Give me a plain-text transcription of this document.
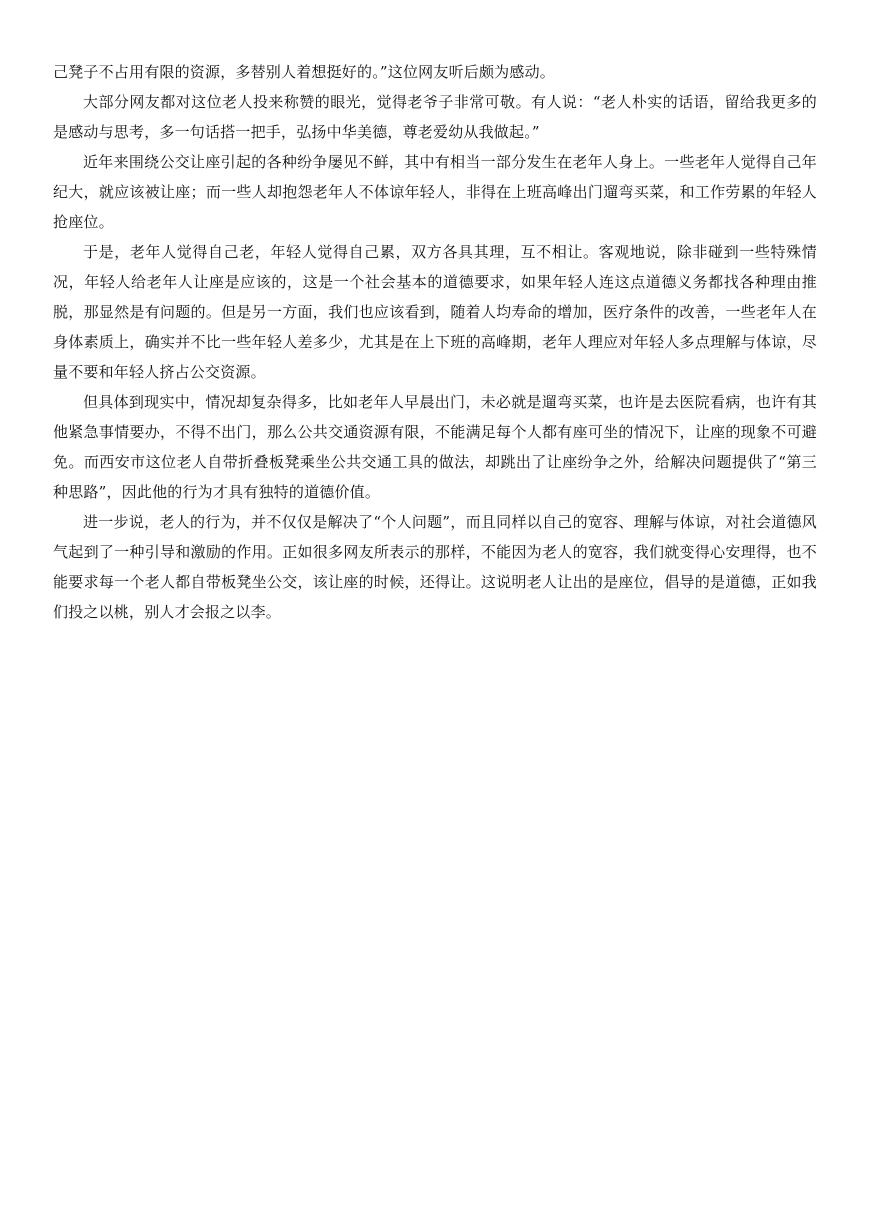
己凳子不占用有限的资源，多替别人着想挺好的。”这位网友听后颇为感动。

大部分网友都对这位老人投来称赞的眼光，觉得老爷子非常可敬。有人说：“老人朴实的话语，留给我更多的是感动与思考，多一句话搭一把手，弘扬中华美德，尊老爱幼从我做起。”

近年来围绕公交让座引起的各种纷争屡见不鲜，其中有相当一部分发生在老年人身上。一些老年人觉得自己年纪大，就应该被让座；而一些人却抱怨老年人不体谅年轻人，非得在上班高峰出门遛弯买菜，和工作劳累的年轻人抢座位。

于是，老年人觉得自己老，年轻人觉得自己累，双方各具其理，互不相让。客观地说，除非碰到一些特殊情况，年轻人给老年人让座是应该的，这是一个社会基本的道德要求，如果年轻人连这点道德义务都找各种理由推脱，那显然是有问题的。但是另一方面，我们也应该看到，随着人均寿命的增加，医疗条件的改善，一些老年人在身体素质上，确实并不比一些年轻人差多少，尤其是在上下班的高峰期，老年人理应对年轻人多点理解与体谅，尽量不要和年轻人挤占公交资源。

但具体到现实中，情况却复杂得多，比如老年人早晨出门，未必就是遛弯买菜，也许是去医院看病，也许有其他紧急事情要办，不得不出门，那么公共交通资源有限，不能满足每个人都有座可坐的情况下，让座的现象不可避免。而西安市这位老人自带折叠板凳乘坐公共交通工具的做法，却跳出了让座纷争之外，给解决问题提供了“第三种思路”，因此他的行为才具有独特的道德价值。

进一步说，老人的行为，并不仅仅是解决了“个人问题”，而且同样以自己的宽容、理解与体谅，对社会道德风气起到了一种引导和激励的作用。正如很多网友所表示的那样，不能因为老人的宽容，我们就变得心安理得，也不能要求每一个老人都自带板凳坐公交，该让座的时候，还得让。这说明老人让出的是座位，倡导的是道德，正如我们投之以桃，别人才会报之以李。
